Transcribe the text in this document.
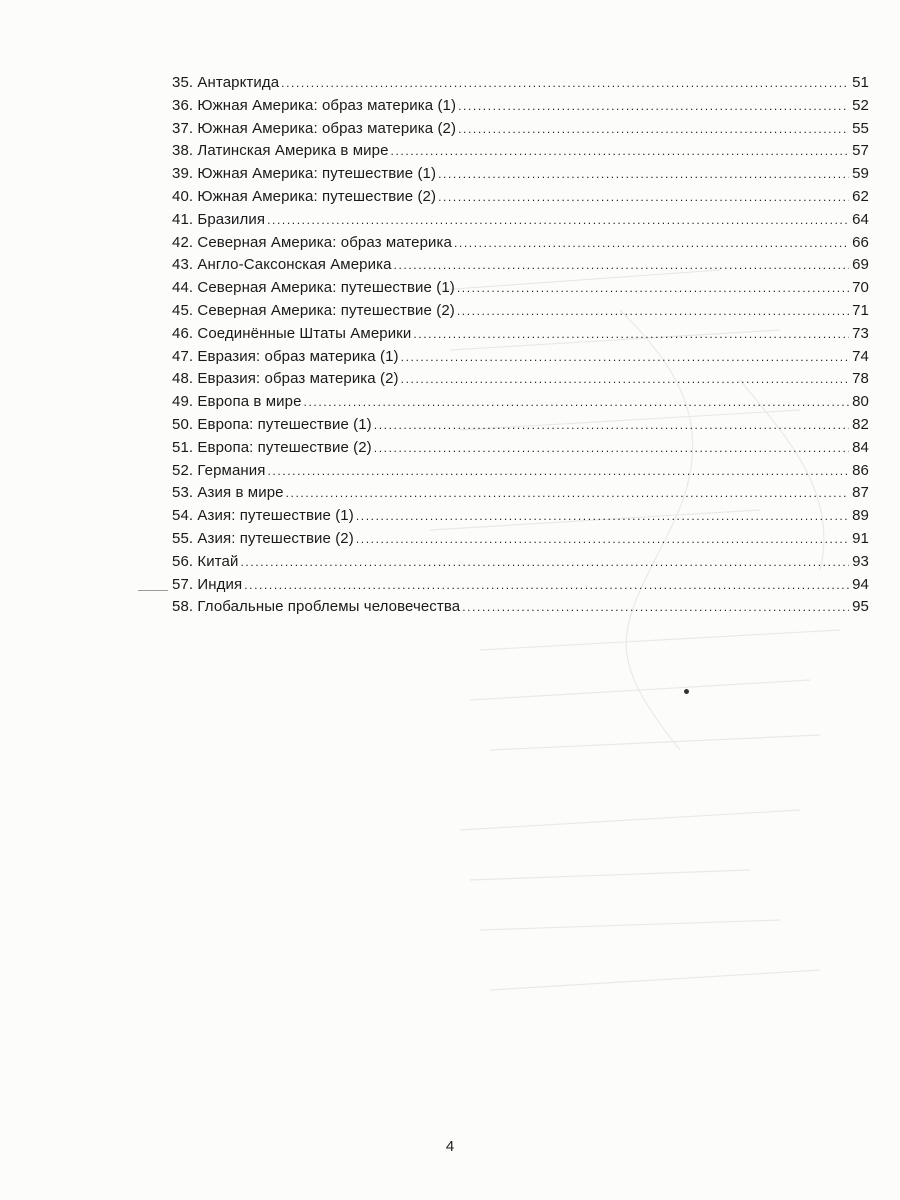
35. Антарктида .....	51
36. Южная Америка: образ материка (1) .....	52
37. Южная Америка: образ материка (2) .....	55
38. Латинская Америка в мире .....	57
39. Южная Америка: путешествие (1) .....	59
40. Южная Америка: путешествие (2) .....	62
41. Бразилия .....	64
42. Северная Америка: образ материка .....	66
43. Англо-Саксонская Америка .....	69
44. Северная Америка: путешествие (1) .....	70
45. Северная Америка: путешествие (2) .....	71
46. Соединённые Штаты Америки .....	73
47. Евразия: образ материка (1) .....	74
48. Евразия: образ материка (2) .....	78
49. Европа в мире .....	80
50. Европа: путешествие (1) .....	82
51. Европа: путешествие (2) .....	84
52. Германия .....	86
53. Азия в мире .....	87
54. Азия: путешествие (1) .....	89
55. Азия: путешествие (2) .....	91
56. Китай .....	93
57. Индия .....	94
58. Глобальные проблемы человечества .....	95
4
